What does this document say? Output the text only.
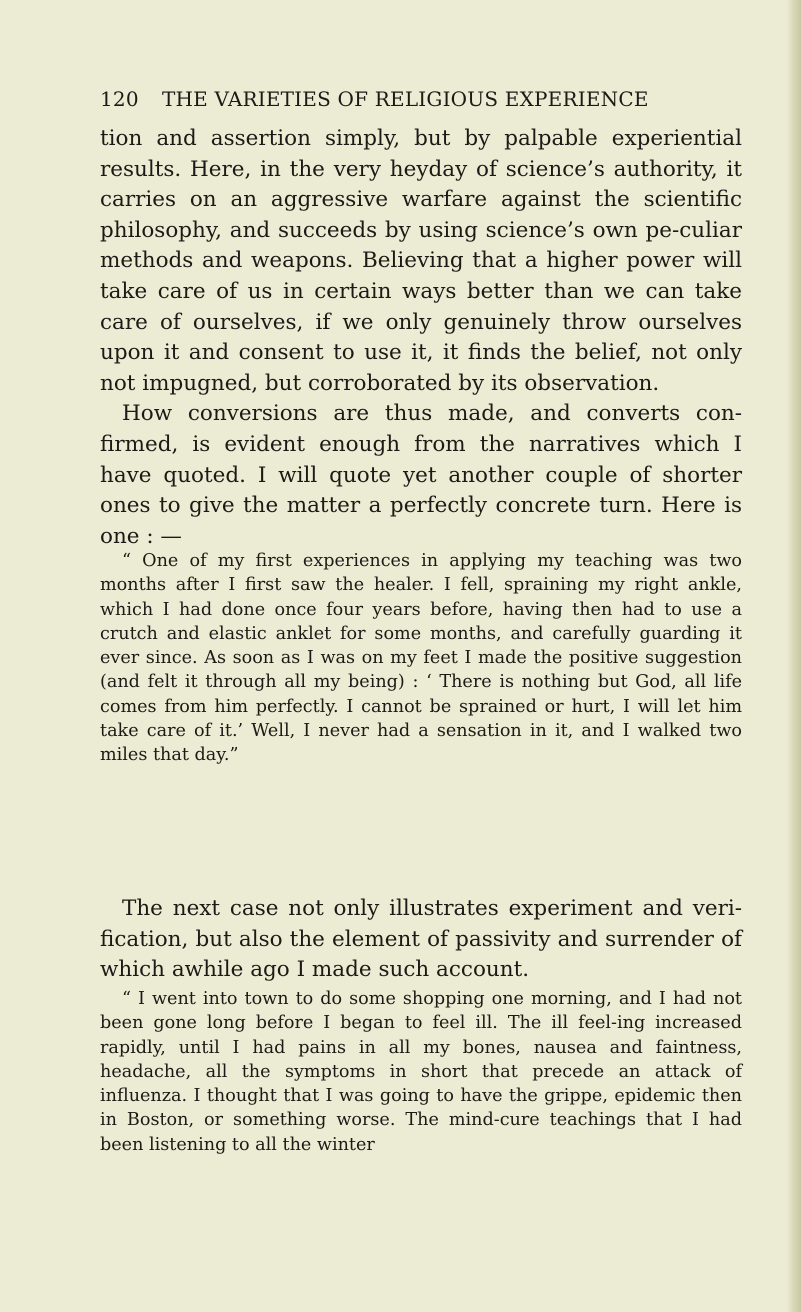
120 THE VARIETIES OF RELIGIOUS EXPERIENCE

tion and assertion simply, but by palpable experiential results. Here, in the very heyday of science’s authority, it carries on an aggressive warfare against the scientific philosophy, and succeeds by using science’s own pe-culiar methods and weapons. Believing that a higher power will take care of us in certain ways better than we can take care of ourselves, if we only genuinely throw ourselves upon it and consent to use it, it finds the belief, not only not impugned, but corroborated by its observation.

How conversions are thus made, and converts con-firmed, is evident enough from the narratives which I have quoted. I will quote yet another couple of shorter ones to give the matter a perfectly concrete turn. Here is one : —

“ One of my first experiences in applying my teaching was two months after I first saw the healer. I fell, spraining my right ankle, which I had done once four years before, having then had to use a crutch and elastic anklet for some months, and carefully guarding it ever since. As soon as I was on my feet I made the positive suggestion (and felt it through all my being) : ‘ There is nothing but God, all life comes from him perfectly. I cannot be sprained or hurt, I will let him take care of it.’ Well, I never had a sensation in it, and I walked two miles that day.”

The next case not only illustrates experiment and veri-fication, but also the element of passivity and surrender of which awhile ago I made such account.

“ I went into town to do some shopping one morning, and I had not been gone long before I began to feel ill. The ill feel-ing increased rapidly, until I had pains in all my bones, nausea and faintness, headache, all the symptoms in short that precede an attack of influenza. I thought that I was going to have the grippe, epidemic then in Boston, or something worse. The mind-cure teachings that I had been listening to all the winter
